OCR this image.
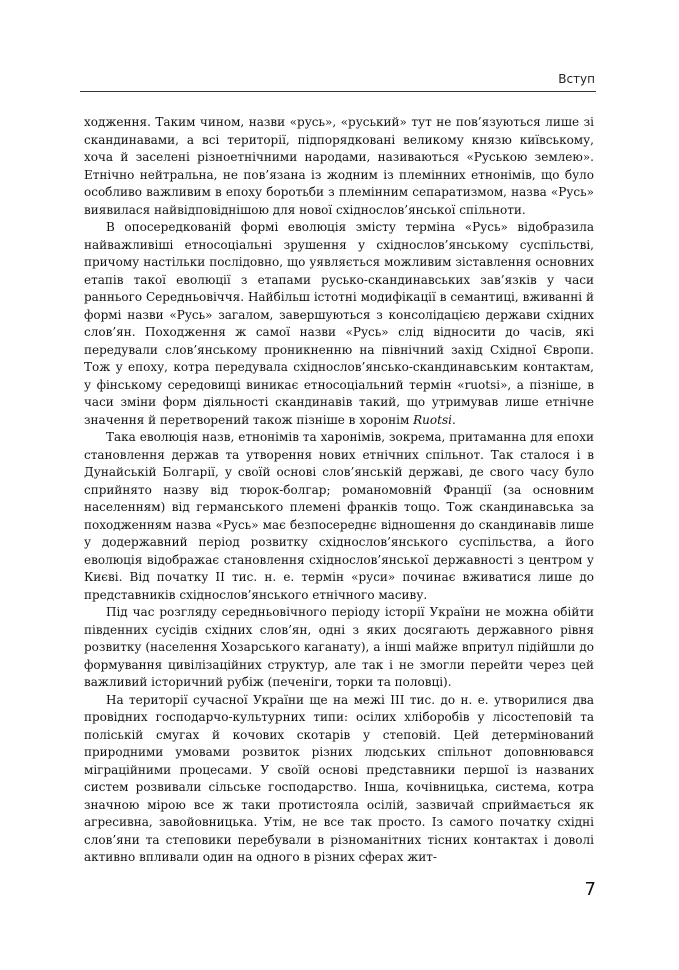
Вступ

ходження. Таким чином, назви «русь», «руський» тут не пов’язуються лише зі скандинавами, а всі території, підпорядковані великому князю київському, хоча й заселені різноетнічними народами, називаються «Руською землею». Етнічно нейтральна, не пов’язана із жодним із племінних етнонімів, що було особливо важливим в епоху боротьби з племінним сепаратизмом, назва «Русь» виявилася найвідповіднішою для нової східнослов’янської спільноти.

В опосередкованій формі еволюція змісту терміна «Русь» відобразила найважливіші етносоціальні зрушення у східнослов’янському суспільстві, причому настільки послідовно, що уявляється можливим зіставлення основних етапів такої еволюції з етапами русько-скандинавських зав’язків у часи раннього Середньовіччя. Найбільш істотні модифікації в семантиці, вживанні й формі назви «Русь» загалом, завершуються з консолідацією держави східних слов’ян. Походження ж самої назви «Русь» слід відносити до часів, які передували слов’янському проникненню на північний захід Східної Європи. Тож у епоху, котра передувала східнослов’янсько-скандинавським контактам, у фінському середовищі виникає етносоціальний термін «ruotsi», а пізніше, в часи зміни форм діяльності скандинавів такий, що утримував лише етнічне значення й перетворений також пізніше в хоронім Ruotsi.

Така еволюція назв, етнонімів та харонімів, зокрема, притаманна для епохи становлення держав та утворення нових етнічних спільнот. Так сталося і в Дунайській Болгарії, у своїй основі слов’янській державі, де свого часу було сприйнято назву від тюрок-болгар; романомовній Франції (за основним населенням) від германського племені франків тощо. Тож скандинавська за походженням назва «Русь» має безпосереднє відношення до скандинавів лише у додержавний період розвитку східнослов’янського суспільства, а його еволюція відображає становлення східнослов’янської державності з центром у Києві. Від початку ІІ тис. н. е. термін «руси» починає вживатися лише до представників східнослов’янського етнічного масиву.

Під час розгляду середньовічного періоду історії України не можна обійти південних сусідів східних слов’ян, одні з яких досягають державного рівня розвитку (населення Хозарського каганату), а інші майже впритул підійшли до формування цивілізаційних структур, але так і не змогли перейти через цей важливий історичний рубіж (печеніги, торки та половці).

На території сучасної України ще на межі ІІІ тис. до н. е. утворилися два провідних господарчо-культурних типи: осілих хліборобів у лісостеповій та поліській смугах й кочових скотарів у степовій. Цей детермінований природними умовами розвиток різних людських спільнот доповнювався міграційними процесами. У своїй основі представники першої із названих систем розвивали сільське господарство. Інша, кочівницька, система, котра значною мірою все ж таки протистояла осілій, зазвичай сприймається як агресивна, завойовницька. Утім, не все так просто. Із самого початку східні слов’яни та степовики перебували в різноманітних тісних контактах і доволі активно впливали один на одного в різних сферах жит-

7
